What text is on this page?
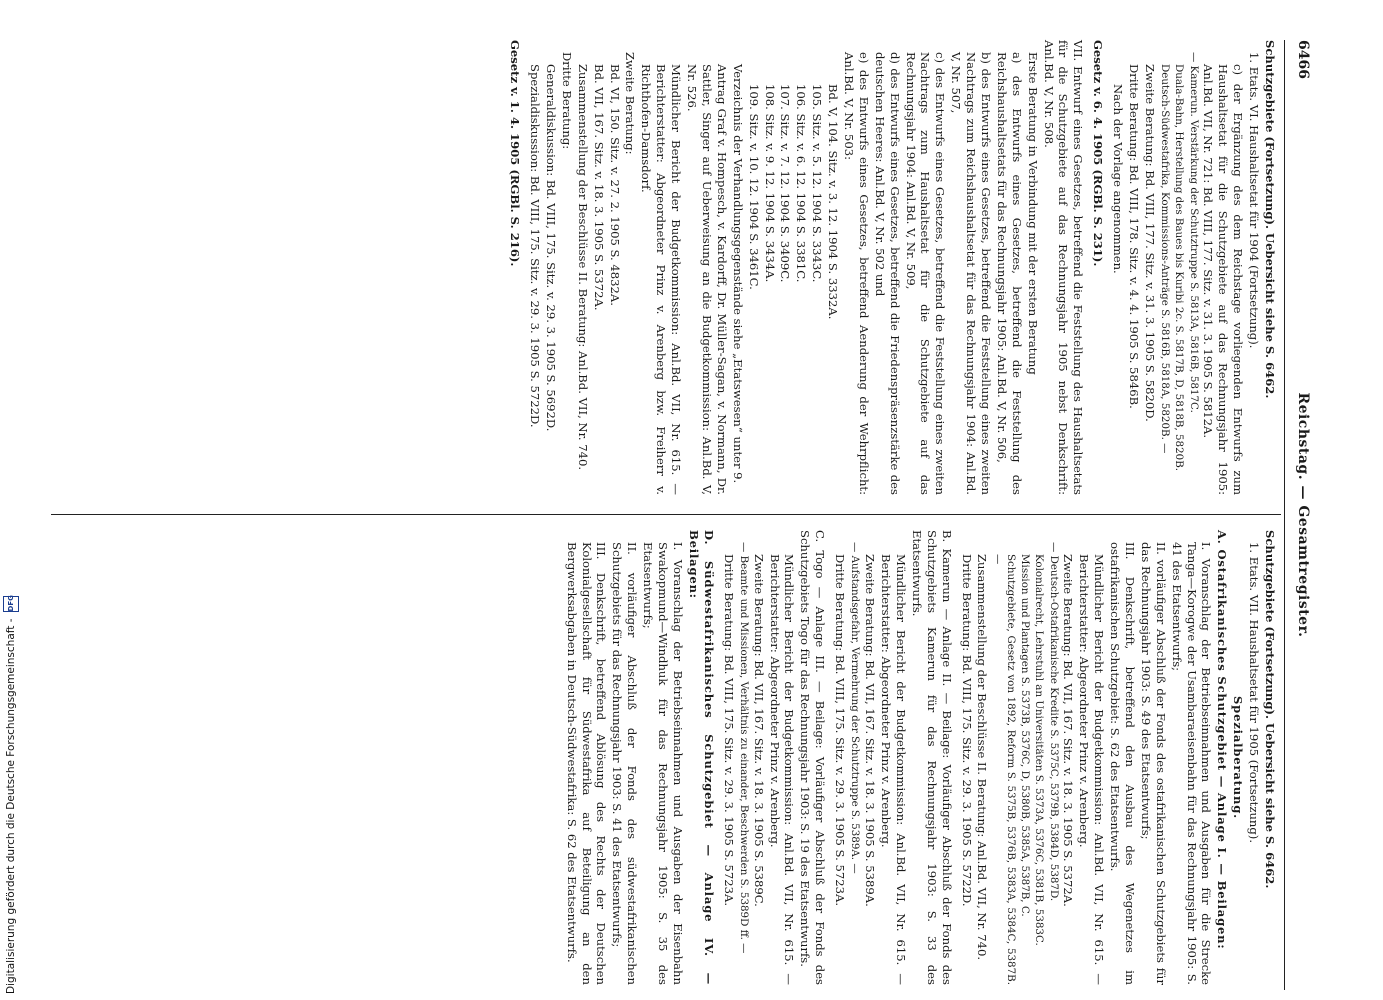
6466
Reichstag. — Gesamtregister.

Schutzgebiete (Fortsetzung). Uebersicht siehe S. 6462.

1. Etats. VI. Haushaltsetat für 1904 (Fortsetzung).

c) der Ergänzung des dem Reichstage vorliegenden Entwurfs zum Haushaltsetat für die Schutzgebiete auf das Rechnungsjahr 1905: Anl.Bd. VII, Nr. 721: Bd. VIII, 177. Sitz. v. 31. 3. 1905 S. 5812A.

— Kamerun. Verstärkung der Schutztruppe S. 5813A, 5816B, 5817C.

Duala-Bahn, Herstellung des Baues bis Kuribi 2c. S. 5817B, D, 5818B, 5820B.

Deutsch-Südwestafrika, Kommissions-Anträge S. 5816B, 5818A, 5820B. —

Zweite Beratung: Bd. VIII, 177. Sitz. v. 31. 3. 1905 S. 5820D.

Dritte Beratung: Bd. VIII, 178. Sitz. v. 4. 4. 1905 S. 5846B.

Nach der Vorlage angenommen.

Gesetz v. 6. 4. 1905 (RGBl. S. 231).

VII. Entwurf eines Gesetzes, betreffend die Feststellung des Haushaltsetats für die Schutzgebiete auf das Rechnungsjahr 1905 nebst Denkschrift: Anl.Bd. V, Nr. 508.

Erste Beratung in Verbindung mit der ersten Beratung

a) des Entwurfs eines Gesetzes, betreffend die Feststellung des Reichshaushaltsetats für das Rechnungsjahr 1905: Anl.Bd. V, Nr. 506,

b) des Entwurfs eines Gesetzes, betreffend die Feststellung eines zweiten Nachtrags zum Reichshaushaltsetat für das Rechnungsjahr 1904: Anl.Bd. V, Nr. 507,

c) des Entwurfs eines Gesetzes, betreffend die Feststellung eines zweiten Nachtrags zum Haushaltsetat für die Schutzgebiete auf das Rechnungsjahr 1904: Anl.Bd. V, Nr. 509,

d) des Entwurfs eines Gesetzes, betreffend die Friedenspräsenzstärke des deutschen Heeres: Anl.Bd. V, Nr. 502 und

e) des Entwurfs eines Gesetzes, betreffend Aenderung der Wehrpflicht: Anl.Bd. V, Nr. 503:

Bd. V, 104. Sitz. v. 3. 12. 1904 S. 3332A.

105. Sitz. v. 5. 12. 1904 S. 3343C.

106. Sitz. v. 6. 12. 1904 S. 3381C.

107. Sitz. v. 7. 12. 1904 S. 3409C.

108. Sitz. v. 9. 12. 1904 S. 3434A.

109. Sitz. v. 10. 12. 1904 S. 3461C.

Verzeichnis der Verhandlungsgegenstände siehe „Etatswesen“ unter 9.

Antrag Graf v. Hompesch, v. Kardorff, Dr. Müller-Sagan, v. Normann, Dr. Sattler, Singer auf Ueberweisung an die Budgetkommission: Anl.Bd. V, Nr. 526.

Mündlicher Bericht der Budgetkommission: Anl.Bd. VII, Nr. 615. — Berichterstatter: Abgeordneter Prinz v. Arenberg bzw. Freiherr v. Richthofen-Damsdorf.

Zweite Beratung:

Bd. VI, 150. Sitz. v. 27. 2. 1905 S. 4832A.

Bd. VII, 167. Sitz. v. 18. 3. 1905 S. 5372A.

Zusammenstellung der Beschlüsse II. Beratung: Anl.Bd. VII, Nr. 740.

Dritte Beratung:

Generaldiskussion: Bd. VIII, 175. Sitz. v. 29. 3. 1905 S. 5692D.

Spezialdiskussion: Bd. VIII, 175. Sitz. v. 29. 3. 1905 S. 5722D.

Gesetz v. 1. 4. 1905 (RGBl. S. 216).

Schutzgebiete (Fortsetzung). Uebersicht siehe S. 6462.

1. Etats. VII. Haushaltsetat für 1905 (Fortsetzung).

Spezialberatung.

A. Ostafrikanisches Schutzgebiet — Anlage I. — Beilagen:

I. Voranschlag der Betriebseinnahmen und Ausgaben für die Strecke Tanga—Korogwe der Usambaraeisenbahn für das Rechnungsjahr 1905: S. 41 des Etatsentwurfs;

II. vorläufiger Abschluß der Fonds des ostafrikanischen Schutzgebiets für das Rechnungsjahr 1903: S. 49 des Etatsentwurfs;

III. Denkschrift, betreffend den Ausbau des Wegenetzes im ostafrikanischen Schutzgebiet: S. 62 des Etatsentwurfs.

Mündlicher Bericht der Budgetkommission: Anl.Bd. VII, Nr. 615. — Berichterstatter: Abgeordneter Prinz v. Arenberg.

Zweite Beratung: Bd. VII, 167. Sitz. v. 18. 3. 1905 S. 5372A.

— Deutsch-Ostafrikanische Kredite S. 5375C, 5379B, 5384D, 5387D.

Kolonialrecht, Lehrstuhl an Universitäten S. 5373A, 5376C, 5381B, 5383C.

Mission und Plantagen S. 5373B, 5376C, D, 5380B, 5385A, 5387B, C.

Schutzgebiete, Gesetz von 1892, Reform S. 5375B, 5376B, 5383A, 5384C, 5387B. —

Zusammenstellung der Beschlüsse II. Beratung: Anl.Bd. VII, Nr. 740.

Dritte Beratung: Bd. VIII, 175. Sitz. v. 29. 3. 1905 S. 5722D.

B. Kamerun — Anlage II. — Beilage: Vorläufiger Abschluß der Fonds des Schutzgebiets Kamerun für das Rechnungsjahr 1903: S. 33 des Etatsentwurfs.

Mündlicher Bericht der Budgetkommission: Anl.Bd. VII, Nr. 615. — Berichterstatter: Abgeordneter Prinz v. Arenberg.

Zweite Beratung: Bd. VII, 167. Sitz. v. 18. 3. 1905 S. 5389A.

— Aufstandsgefahr, Vermehrung der Schutztruppe S. 5389A. —

Dritte Beratung: Bd. VIII, 175. Sitz. v. 29. 3. 1905 S. 5723A.

C. Togo — Anlage III. — Beilage: Vorläufiger Abschluß der Fonds des Schutzgebiets Togo für das Rechnungsjahr 1903: S. 19 des Etatsentwurfs.

Mündlicher Bericht der Budgetkommission: Anl.Bd. VII, Nr. 615. — Berichterstatter: Abgeordneter Prinz v. Arenberg.

Zweite Beratung: Bd. VII, 167. Sitz. v. 18. 3. 1905 S. 5389C.

— Beamte und Missionen, Verhältnis zu einander, Beschwerden S. 5389D ff. —

Dritte Beratung: Bd. VIII, 175. Sitz. v. 29. 3. 1905 S. 5723A.

D. Südwestafrikanisches Schutzgebiet — Anlage IV. — Beilagen:

I. Voranschlag der Betriebseinnahmen und Ausgaben der Eisenbahn Swakopmund—Windhuk für das Rechnungsjahr 1905: S. 35 des Etatsentwurfs;

II. vorläufiger Abschluß der Fonds des südwestafrikanischen Schutzgebiets für das Rechnungsjahr 1903: S. 41 des Etatsentwurfs;

III. Denkschrift, betreffend Ablösung des Rechts der Deutschen Kolonialgesellschaft für Südwestafrika auf Beteiligung an den Bergwerksabgaben in Deutsch-Südwestafrika: S. 62 des Etatsentwurfs.

Digitalisierung gefördert durch die Deutsche Forschungsgemeinschaft -
DFG
